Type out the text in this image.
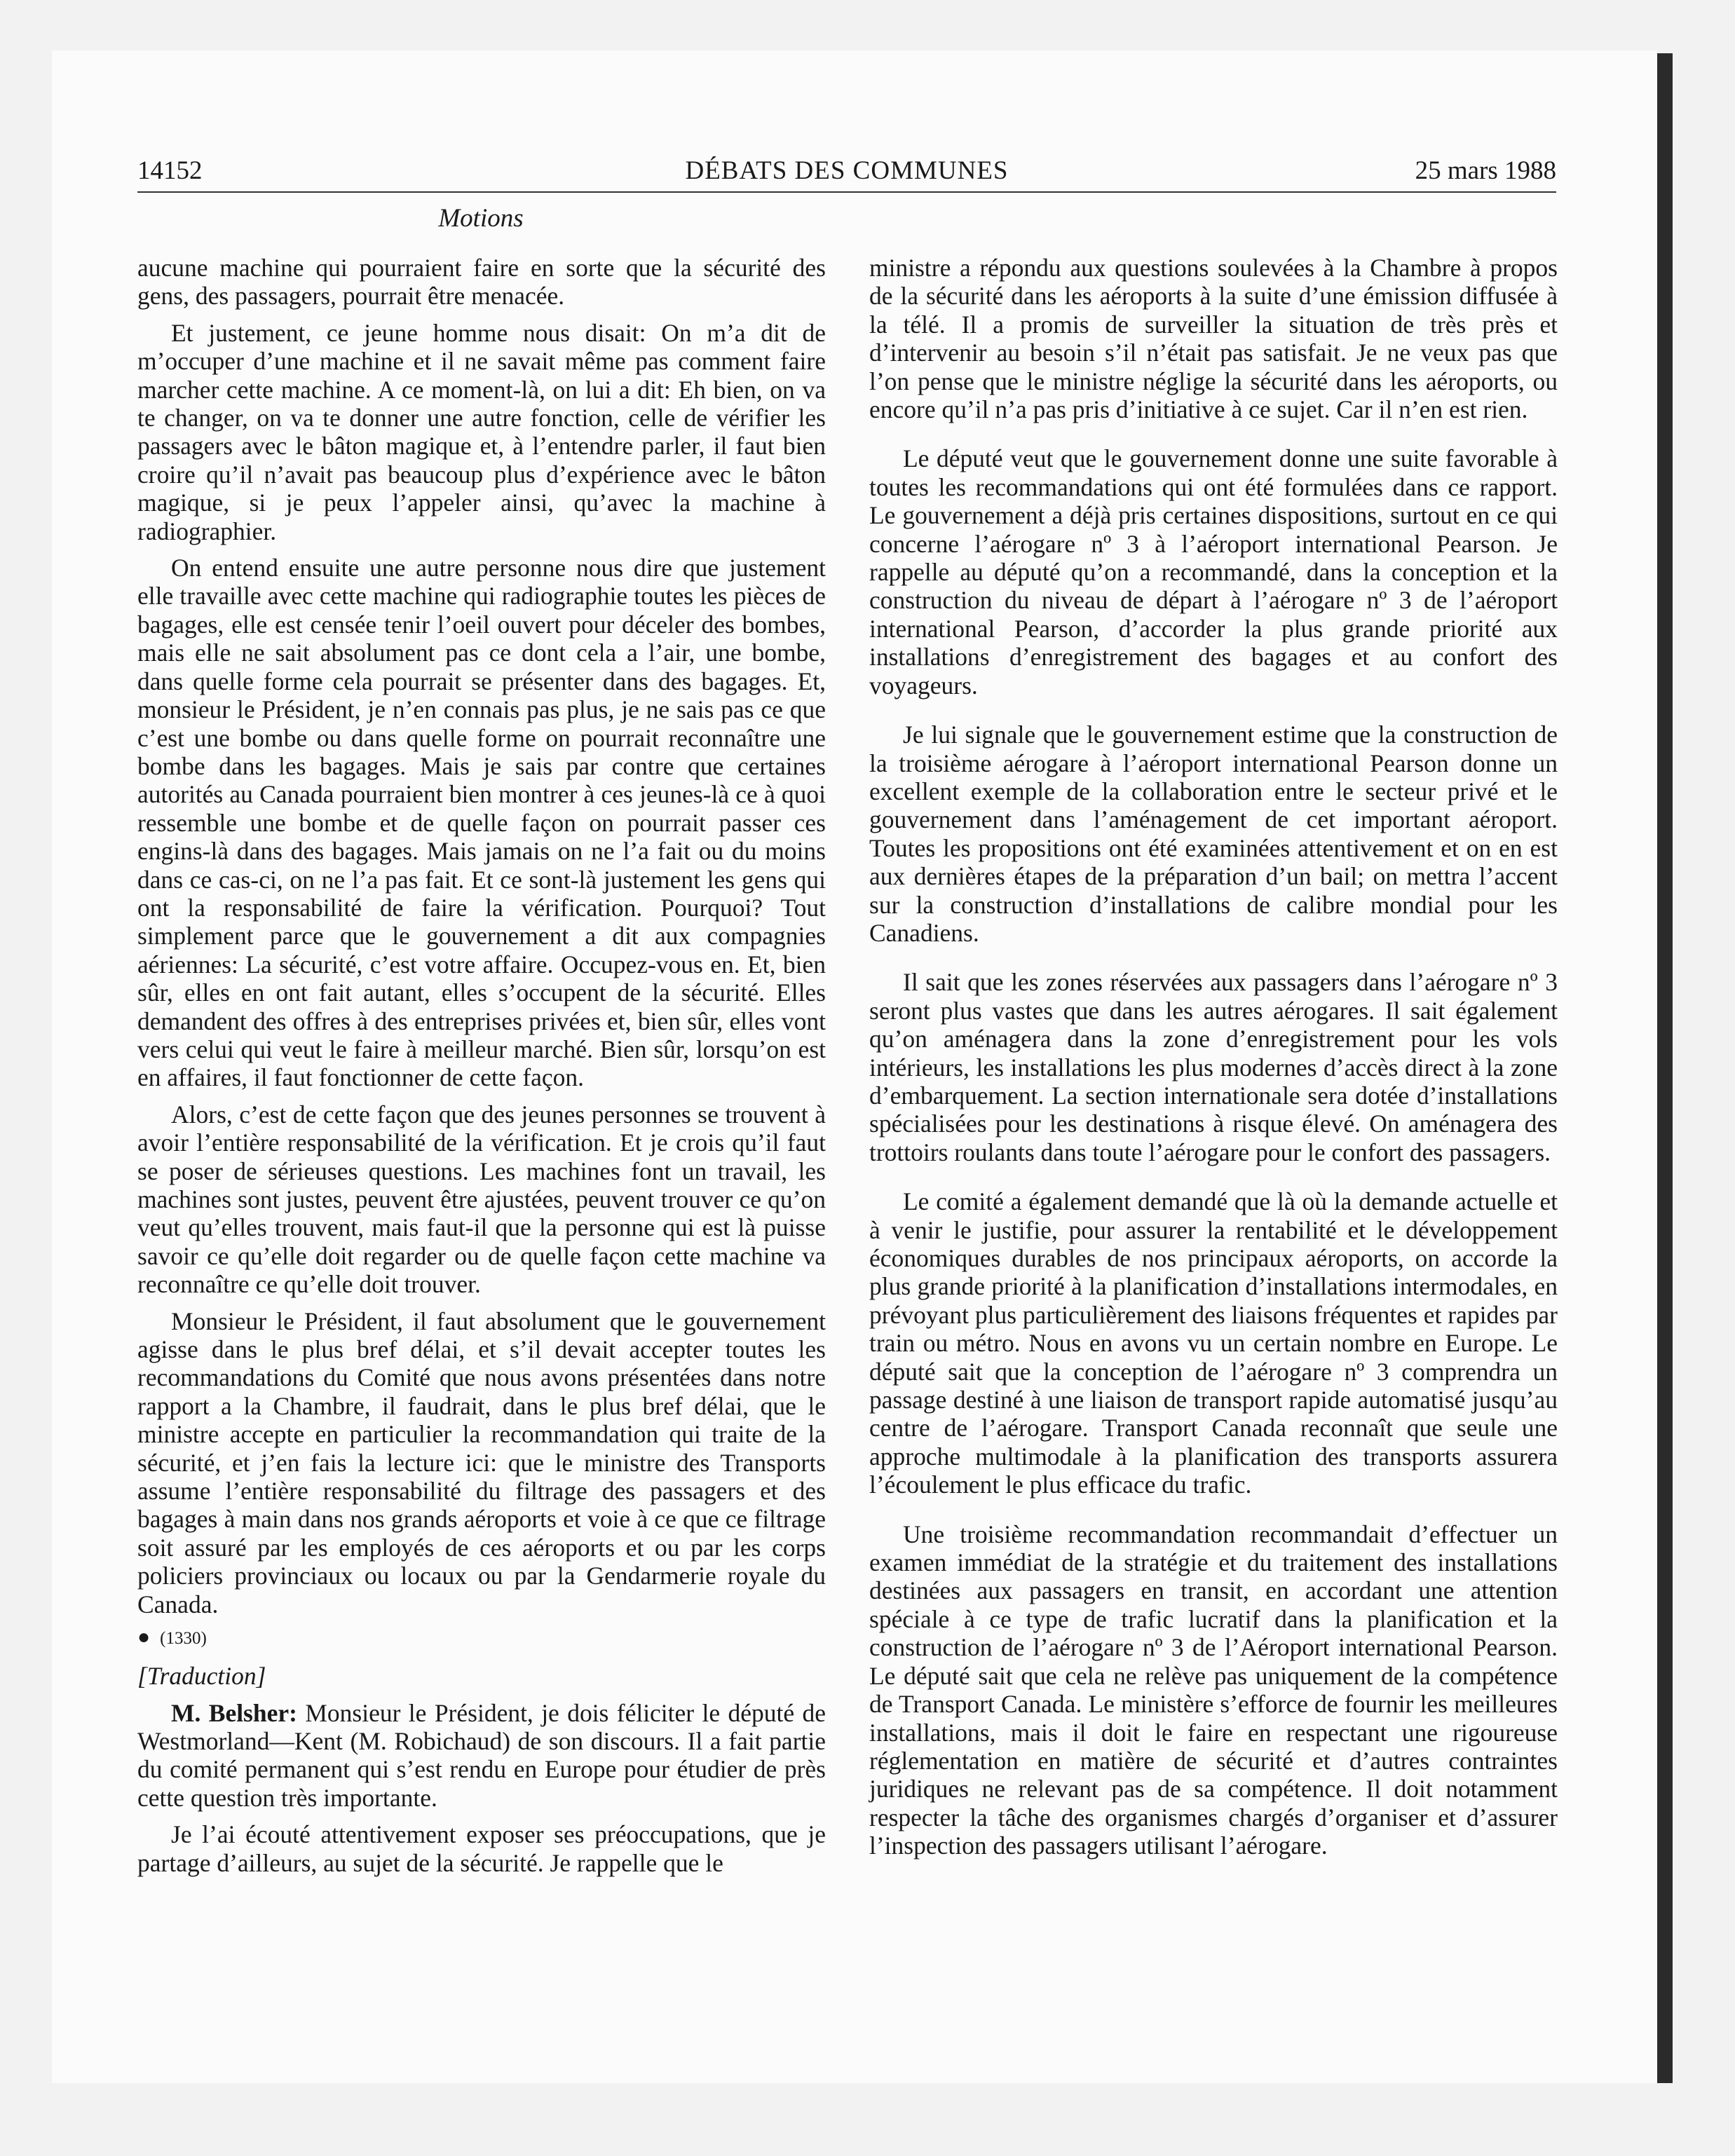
14152	DÉBATS DES COMMUNES	25 mars 1988
Motions

aucune machine qui pourraient faire en sorte que la sécurité des gens, des passagers, pourrait être menacée.

Et justement, ce jeune homme nous disait: On m’a dit de m’occuper d’une machine et il ne savait même pas comment faire marcher cette machine. A ce moment-là, on lui a dit: Eh bien, on va te changer, on va te donner une autre fonction, celle de vérifier les passagers avec le bâton magique et, à l’entendre parler, il faut bien croire qu’il n’avait pas beaucoup plus d’expérience avec le bâton magique, si je peux l’appeler ainsi, qu’avec la machine à radiographier.

On entend ensuite une autre personne nous dire que justement elle travaille avec cette machine qui radiographie toutes les pièces de bagages, elle est censée tenir l’oeil ouvert pour déceler des bombes, mais elle ne sait absolument pas ce dont cela a l’air, une bombe, dans quelle forme cela pourrait se présenter dans des bagages. Et, monsieur le Président, je n’en connais pas plus, je ne sais pas ce que c’est une bombe ou dans quelle forme on pourrait reconnaître une bombe dans les bagages. Mais je sais par contre que certaines autorités au Canada pourraient bien montrer à ces jeunes-là ce à quoi ressemble une bombe et de quelle façon on pourrait passer ces engins-là dans des bagages. Mais jamais on ne l’a fait ou du moins dans ce cas-ci, on ne l’a pas fait. Et ce sont-là justement les gens qui ont la responsabilité de faire la vérification. Pourquoi? Tout simplement parce que le gouvernement a dit aux compagnies aériennes: La sécurité, c’est votre affaire. Occupez-vous en. Et, bien sûr, elles en ont fait autant, elles s’occupent de la sécurité. Elles demandent des offres à des entreprises privées et, bien sûr, elles vont vers celui qui veut le faire à meilleur marché. Bien sûr, lorsqu’on est en affaires, il faut fonctionner de cette façon.

Alors, c’est de cette façon que des jeunes personnes se trouvent à avoir l’entière responsabilité de la vérification. Et je crois qu’il faut se poser de sérieuses questions. Les machines font un travail, les machines sont justes, peuvent être ajustées, peuvent trouver ce qu’on veut qu’elles trouvent, mais faut-il que la personne qui est là puisse savoir ce qu’elle doit regarder ou de quelle façon cette machine va reconnaître ce qu’elle doit trouver.

Monsieur le Président, il faut absolument que le gouvernement agisse dans le plus bref délai, et s’il devait accepter toutes les recommandations du Comité que nous avons présentées dans notre rapport a la Chambre, il faudrait, dans le plus bref délai, que le ministre accepte en particulier la recommandation qui traite de la sécurité, et j’en fais la lecture ici: que le ministre des Transports assume l’entière responsabilité du filtrage des passagers et des bagages à main dans nos grands aéroports et voie à ce que ce filtrage soit assuré par les employés de ces aéroports et ou par les corps policiers provinciaux ou locaux ou par la Gendarmerie royale du Canada.

● (1330)
[Traduction]

M. Belsher: Monsieur le Président, je dois féliciter le député de Westmorland—Kent (M. Robichaud) de son discours. Il a fait partie du comité permanent qui s’est rendu en Europe pour étudier de près cette question très importante.

Je l’ai écouté attentivement exposer ses préoccupations, que je partage d’ailleurs, au sujet de la sécurité. Je rappelle que le

ministre a répondu aux questions soulevées à la Chambre à propos de la sécurité dans les aéroports à la suite d’une émission diffusée à la télé. Il a promis de surveiller la situation de très près et d’intervenir au besoin s’il n’était pas satisfait. Je ne veux pas que l’on pense que le ministre néglige la sécurité dans les aéroports, ou encore qu’il n’a pas pris d’initiative à ce sujet. Car il n’en est rien.

Le député veut que le gouvernement donne une suite favorable à toutes les recommandations qui ont été formulées dans ce rapport. Le gouvernement a déjà pris certaines dispositions, surtout en ce qui concerne l’aérogare nº 3 à l’aéroport international Pearson. Je rappelle au député qu’on a recommandé, dans la conception et la construction du niveau de départ à l’aérogare nº 3 de l’aéroport international Pearson, d’accorder la plus grande priorité aux installations d’enregistrement des bagages et au confort des voyageurs.

Je lui signale que le gouvernement estime que la construction de la troisième aérogare à l’aéroport international Pearson donne un excellent exemple de la collaboration entre le secteur privé et le gouvernement dans l’aménagement de cet important aéroport. Toutes les propositions ont été examinées attentivement et on en est aux dernières étapes de la préparation d’un bail; on mettra l’accent sur la construction d’installations de calibre mondial pour les Canadiens.

Il sait que les zones réservées aux passagers dans l’aérogare nº 3 seront plus vastes que dans les autres aérogares. Il sait également qu’on aménagera dans la zone d’enregistrement pour les vols intérieurs, les installations les plus modernes d’accès direct à la zone d’embarquement. La section internationale sera dotée d’installations spécialisées pour les destinations à risque élevé. On aménagera des trottoirs roulants dans toute l’aérogare pour le confort des passagers.

Le comité a également demandé que là où la demande actuelle et à venir le justifie, pour assurer la rentabilité et le développement économiques durables de nos principaux aéroports, on accorde la plus grande priorité à la planification d’installations intermodales, en prévoyant plus particulièrement des liaisons fréquentes et rapides par train ou métro. Nous en avons vu un certain nombre en Europe. Le député sait que la conception de l’aérogare nº 3 comprendra un passage destiné à une liaison de transport rapide automatisé jusqu’au centre de l’aérogare. Transport Canada reconnaît que seule une approche multimodale à la planification des transports assurera l’écoulement le plus efficace du trafic.

Une troisième recommandation recommandait d’effectuer un examen immédiat de la stratégie et du traitement des installations destinées aux passagers en transit, en accordant une attention spéciale à ce type de trafic lucratif dans la planification et la construction de l’aérogare nº 3 de l’Aéroport international Pearson. Le député sait que cela ne relève pas uniquement de la compétence de Transport Canada. Le ministère s’efforce de fournir les meilleures installations, mais il doit le faire en respectant une rigoureuse réglementation en matière de sécurité et d’autres contraintes juridiques ne relevant pas de sa compétence. Il doit notamment respecter la tâche des organismes chargés d’organiser et d’assurer l’inspection des passagers utilisant l’aérogare.
